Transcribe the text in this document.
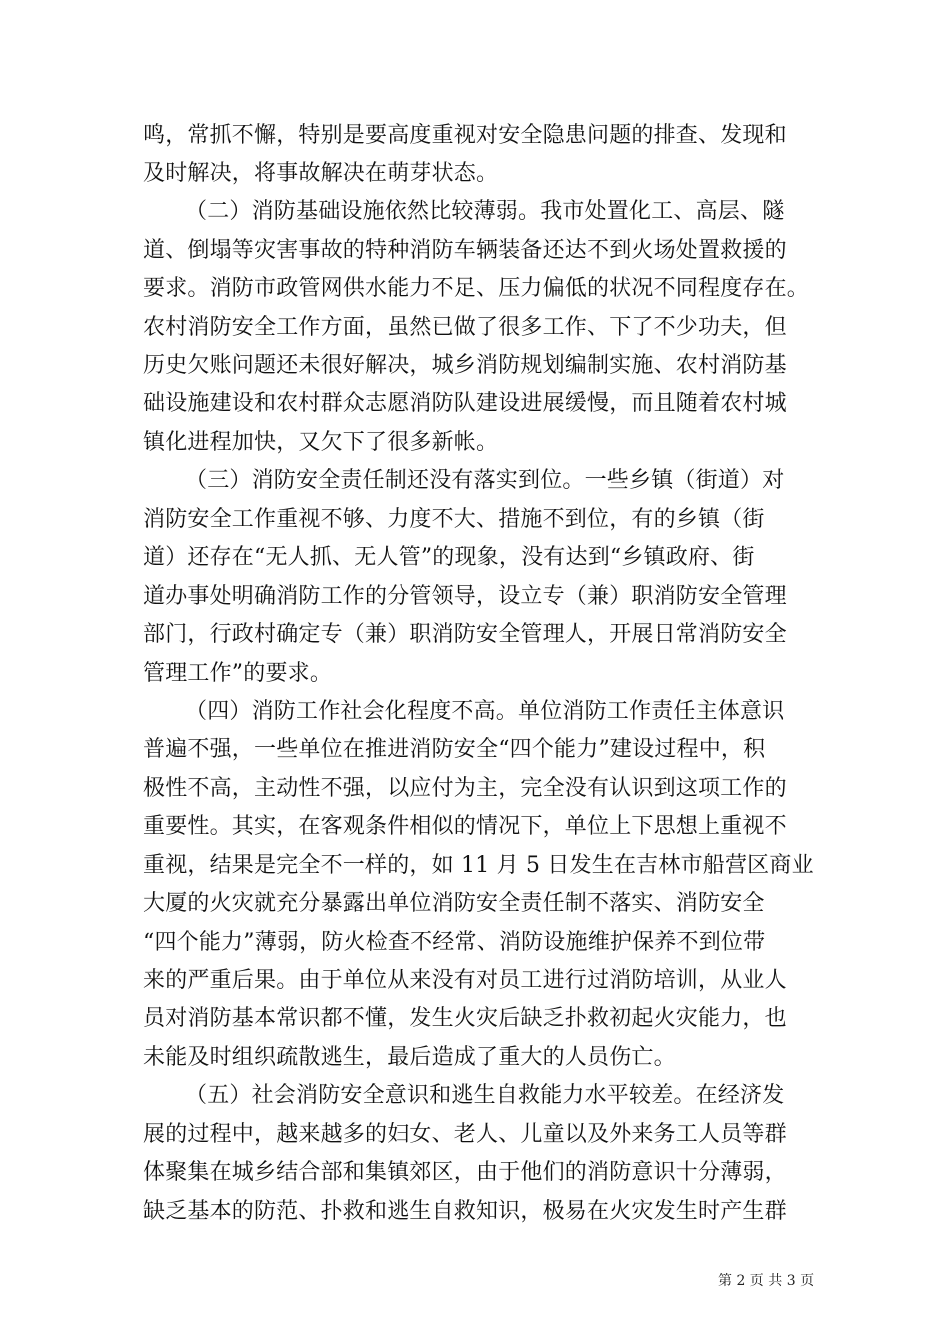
鸣，常抓不懈，特别是要高度重视对安全隐患问题的排查、发现和
及时解决，将事故解决在萌芽状态。
（二）消防基础设施依然比较薄弱。我市处置化工、高层、隧
道、倒塌等灾害事故的特种消防车辆装备还达不到火场处置救援的
要求。消防市政管网供水能力不足、压力偏低的状况不同程度存在。
农村消防安全工作方面，虽然已做了很多工作、下了不少功夫，但
历史欠账问题还未很好解决，城乡消防规划编制实施、农村消防基
础设施建设和农村群众志愿消防队建设进展缓慢，而且随着农村城
镇化进程加快，又欠下了很多新帐。
（三）消防安全责任制还没有落实到位。一些乡镇（街道）对
消防安全工作重视不够、力度不大、措施不到位，有的乡镇（街
道）还存在“无人抓、无人管”的现象，没有达到“乡镇政府、街
道办事处明确消防工作的分管领导，设立专（兼）职消防安全管理
部门，行政村确定专（兼）职消防安全管理人，开展日常消防安全
管理工作”的要求。
（四）消防工作社会化程度不高。单位消防工作责任主体意识
普遍不强，一些单位在推进消防安全“四个能力”建设过程中，积
极性不高，主动性不强，以应付为主，完全没有认识到这项工作的
重要性。其实，在客观条件相似的情况下，单位上下思想上重视不
重视，结果是完全不一样的，如 11 月 5 日发生在吉林市船营区商业
大厦的火灾就充分暴露出单位消防安全责任制不落实、消防安全
“四个能力”薄弱，防火检查不经常、消防设施维护保养不到位带
来的严重后果。由于单位从来没有对员工进行过消防培训，从业人
员对消防基本常识都不懂，发生火灾后缺乏扑救初起火灾能力，也
未能及时组织疏散逃生，最后造成了重大的人员伤亡。
（五）社会消防安全意识和逃生自救能力水平较差。在经济发
展的过程中，越来越多的妇女、老人、儿童以及外来务工人员等群
体聚集在城乡结合部和集镇郊区，由于他们的消防意识十分薄弱，
缺乏基本的防范、扑救和逃生自救知识，极易在火灾发生时产生群
第 2 页 共 3 页
